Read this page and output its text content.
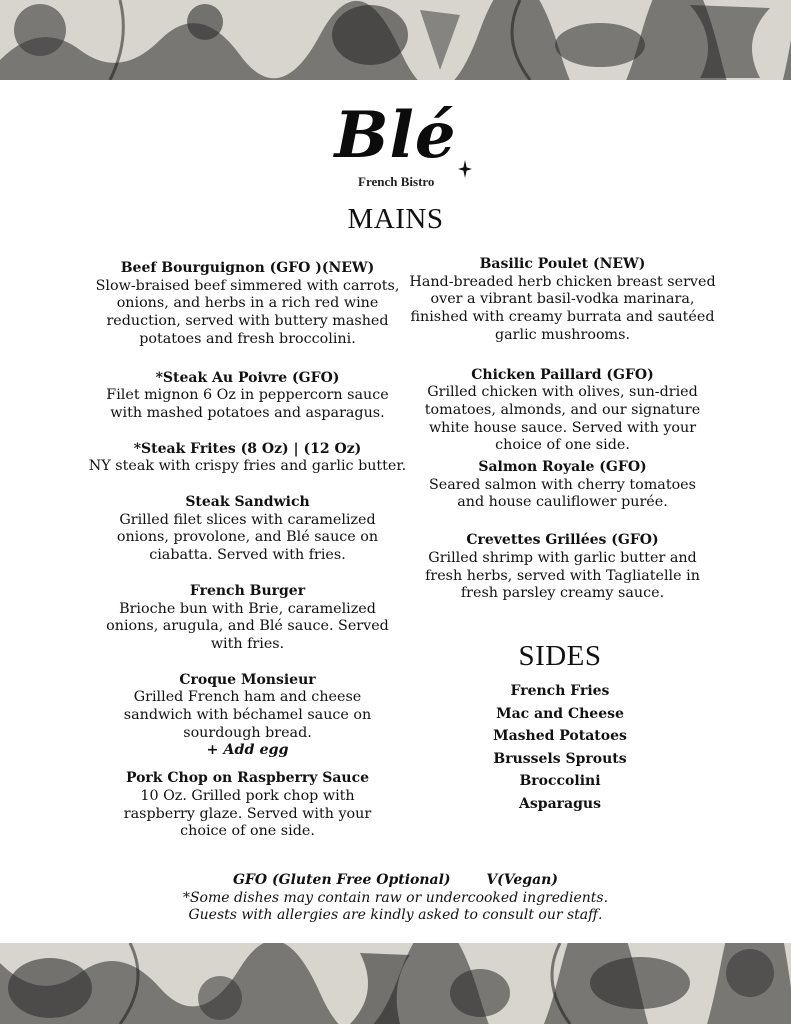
Blé
French Bistro
MAINS
Beef Bourguignon (GFO )(NEW)
Slow-braised beef simmered with carrots, onions, and herbs in a rich red wine reduction, served with buttery mashed potatoes and fresh broccolini.
*Steak Au Poivre (GFO)
Filet mignon 6 Oz in peppercorn sauce with mashed potatoes and asparagus.
*Steak Frites (8 Oz) | (12 Oz)
NY steak with crispy fries and garlic butter.
Steak Sandwich
Grilled filet slices with caramelized onions, provolone, and Blé sauce on ciabatta. Served with fries.
French Burger
Brioche bun with Brie, caramelized onions, arugula, and Blé sauce. Served with fries.
Croque Monsieur
Grilled French ham and cheese sandwich with béchamel sauce on sourdough bread.
+ Add egg
Pork Chop on Raspberry Sauce
10 Oz. Grilled pork chop with raspberry glaze. Served with your choice of one side.
Basilic Poulet (NEW)
Hand-breaded herb chicken breast served over a vibrant basil-vodka marinara, finished with creamy burrata and sautéed garlic mushrooms.
Chicken Paillard (GFO)
Grilled chicken with olives, sun-dried tomatoes, almonds, and our signature white house sauce. Served with your choice of one side.
Salmon Royale (GFO)
Seared salmon with cherry tomatoes and house cauliflower purée.
Crevettes Grillées (GFO)
Grilled shrimp with garlic butter and fresh herbs, served with Tagliatelle in fresh parsley creamy sauce.
SIDES
French Fries
Mac and Cheese
Mashed Potatoes
Brussels Sprouts
Broccolini
Asparagus
GFO (Gluten Free Optional)	V(Vegan)
*Some dishes may contain raw or undercooked ingredients.
Guests with allergies are kindly asked to consult our staff.
